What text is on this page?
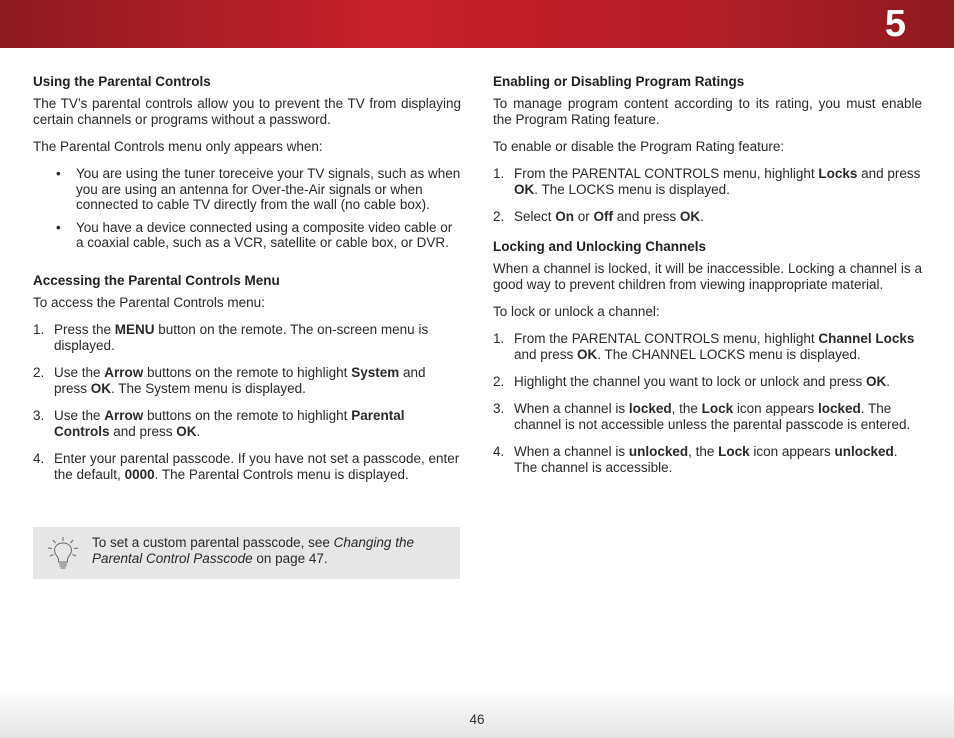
5
Using the Parental Controls

The TV’s parental controls allow you to prevent the TV from displaying certain channels or programs without a password.

The Parental Controls menu only appears when:

• You are using the tuner toreceive your TV signals, such as when you are using an antenna for Over-the-Air signals or when connected to cable TV directly from the wall (no cable box).
• You have a device connected using a composite video cable or a coaxial cable, such as a VCR, satellite or cable box, or DVR.
Accessing the Parental Controls Menu

To access the Parental Controls menu:

1. Press the MENU button on the remote. The on-screen menu is displayed.
2. Use the Arrow buttons on the remote to highlight System and press OK. The System menu is displayed.
3. Use the Arrow buttons on the remote to highlight Parental Controls and press OK.
4. Enter your parental passcode. If you have not set a passcode, enter the default, 0000. The Parental Controls menu is displayed.
To set a custom parental passcode, see Changing the Parental Control Passcode on page 47.
Enabling or Disabling Program Ratings

To manage program content according to its rating, you must enable the Program Rating feature.

To enable or disable the Program Rating feature:

1. From the PARENTAL CONTROLS menu, highlight Locks and press OK. The LOCKS menu is displayed.
2. Select On or Off and press OK.
Locking and Unlocking Channels

When a channel is locked, it will be inaccessible. Locking a channel is a good way to prevent children from viewing inappropriate material.

To lock or unlock a channel:

1. From the PARENTAL CONTROLS menu, highlight Channel Locks and press OK. The CHANNEL LOCKS menu is displayed.
2. Highlight the channel you want to lock or unlock and press OK.
3. When a channel is locked, the Lock icon appears locked. The channel is not accessible unless the parental passcode is entered.
4. When a channel is unlocked, the Lock icon appears unlocked. The channel is accessible.
46
